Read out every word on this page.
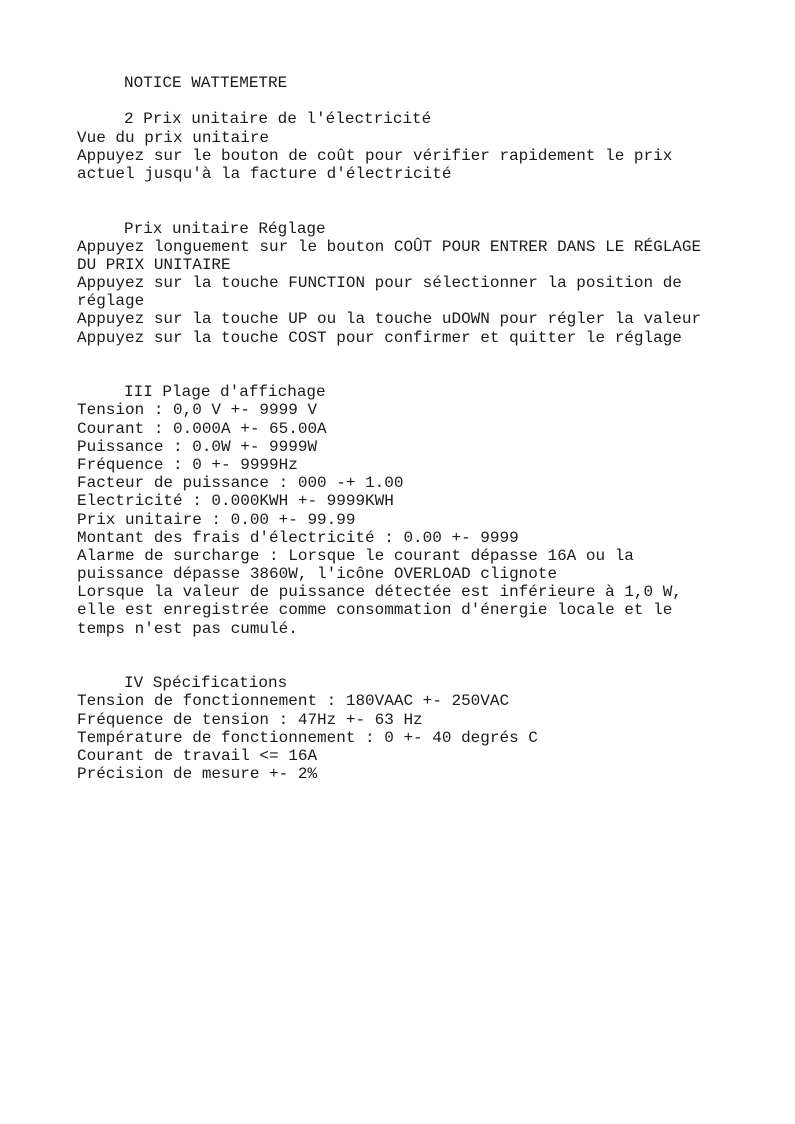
NOTICE WATTEMETRE
2 Prix unitaire de l'électricité
Vue du prix unitaire
Appuyez sur le bouton de coût pour vérifier rapidement le prix
actuel jusqu'à la facture d'électricité
Prix unitaire Réglage
Appuyez longuement sur le bouton COÛT POUR ENTRER DANS LE RÉGLAGE
DU PRIX UNITAIRE
Appuyez sur la touche FUNCTION pour sélectionner la position de
réglage
Appuyez sur la touche UP ou la touche uDOWN pour régler la valeur
Appuyez sur la touche COST pour confirmer et quitter le réglage
III Plage d'affichage
Tension : 0,0 V +- 9999 V
Courant : 0.000A +- 65.00A
Puissance : 0.0W +- 9999W
Fréquence : 0 +- 9999Hz
Facteur de puissance : 000 -+ 1.00
Electricité : 0.000KWH +- 9999KWH
Prix unitaire : 0.00 +- 99.99
Montant des frais d'électricité : 0.00 +- 9999
Alarme de surcharge : Lorsque le courant dépasse 16A ou la
puissance dépasse 3860W, l'icône OVERLOAD clignote
Lorsque la valeur de puissance détectée est inférieure à 1,0 W,
elle est enregistrée comme consommation d'énergie locale et le
temps n'est pas cumulé.
IV Spécifications
Tension de fonctionnement : 180VAAC +- 250VAC
Fréquence de tension : 47Hz +- 63 Hz
Température de fonctionnement : 0 +- 40 degrés C
Courant de travail <= 16A
Précision de mesure +- 2%
